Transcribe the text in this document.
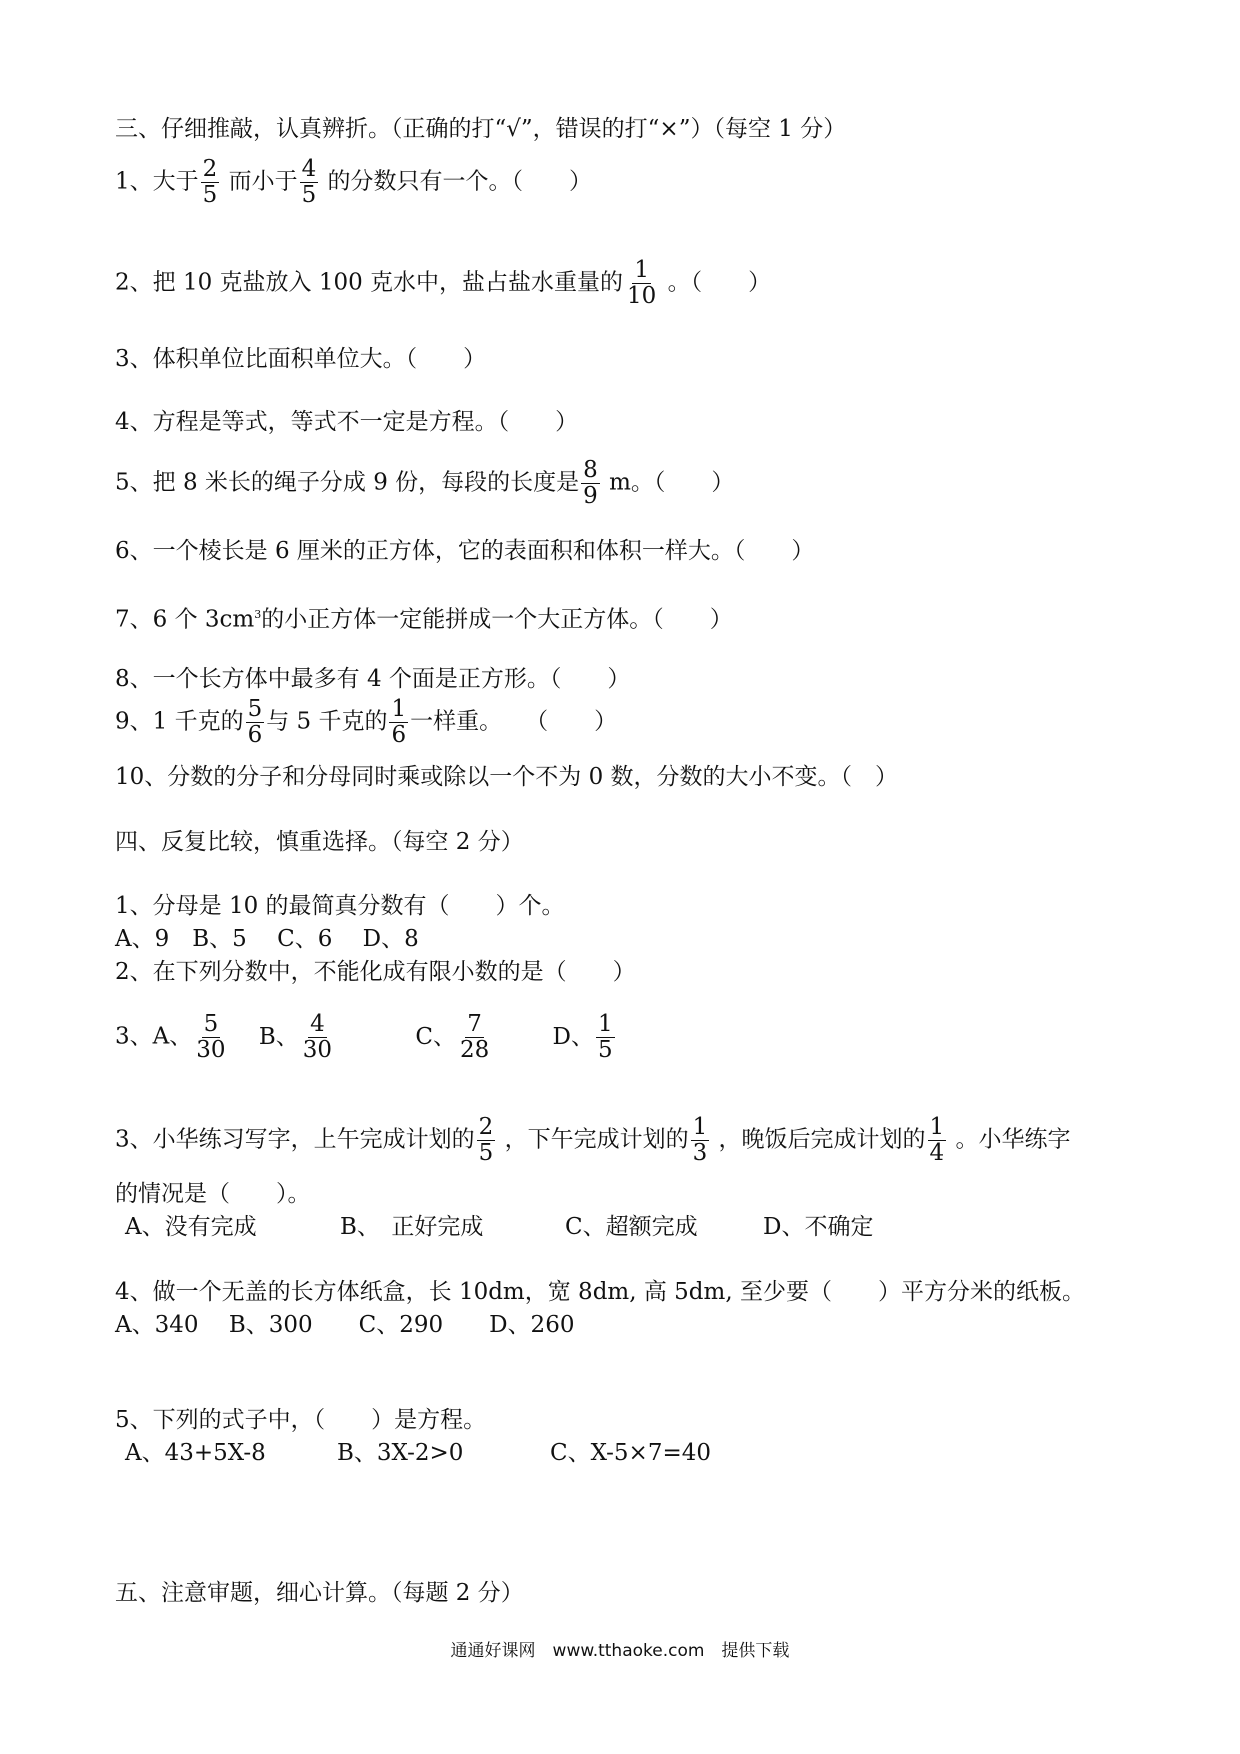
三、仔细推敲，认真辨折。（正确的打“√”，错误的打“×”）（每空 1 分）
1、大于 $\frac{2}{5}$ 而小于 $\frac{4}{5}$ 的分数只有一个。（　　）
2、把 10 克盐放入 100 克水中，盐占盐水重量的 $\frac{1}{10}$ 。（　　）
3、体积单位比面积单位大。（　　）
4、方程是等式，等式不一定是方程。（　　）
5、把 8 米长的绳子分成 9 份，每段的长度是 $\frac{8}{9}$ m。（　　）
6、一个棱长是 6 厘米的正方体，它的表面积和体积一样大。（　　）
7、6 个 $3cm^3$的小正方体一定能拼成一个大正方体。（　　）
8、一个长方体中最多有 4 个面是正方形。（　　）
9、1 千克的 $\frac{5}{6}$ 与 5 千克的 $\frac{1}{6}$ 一样重。　　（　　）
10、分数的分子和分母同时乘或除以一个不为 0 数，分数的大小不变。（　）
四、反复比较，慎重选择。（每空 2 分）
1、分母是 10 的最简真分数有（　　）个。
A、9　B、5　 C、6　 D、8
2、在下列分数中，不能化成有限小数的是（　　）
3、A、 $\frac{5}{30}$ B、 $\frac{4}{30}$	C、 $\frac{7}{28}$	D、 $\frac{1}{5}$
3、小华练习写字，上午完成计划的 $\frac{2}{5}$ ，下午完成计划的 $\frac{1}{3}$ ，晚饭后完成计划的 $\frac{1}{4}$ 。小华练字
的情况是（　　）。
A、没有完成	B、　正好完成	C、超额完成	D、不确定
4、做一个无盖的长方体纸盒，长 10dm，宽 8dm, 高 5dm, 至少要（　　）平方分米的纸板。
A、340　 B、300　　C、290　　D、260
5、下列的式子中，（　　）是方程。
A、43+5X-8	B、3X-2>0	C、X-5×7=40
五、注意审题，细心计算。（每题 2 分）
通通好课网　www.tthaoke.com　提供下载
